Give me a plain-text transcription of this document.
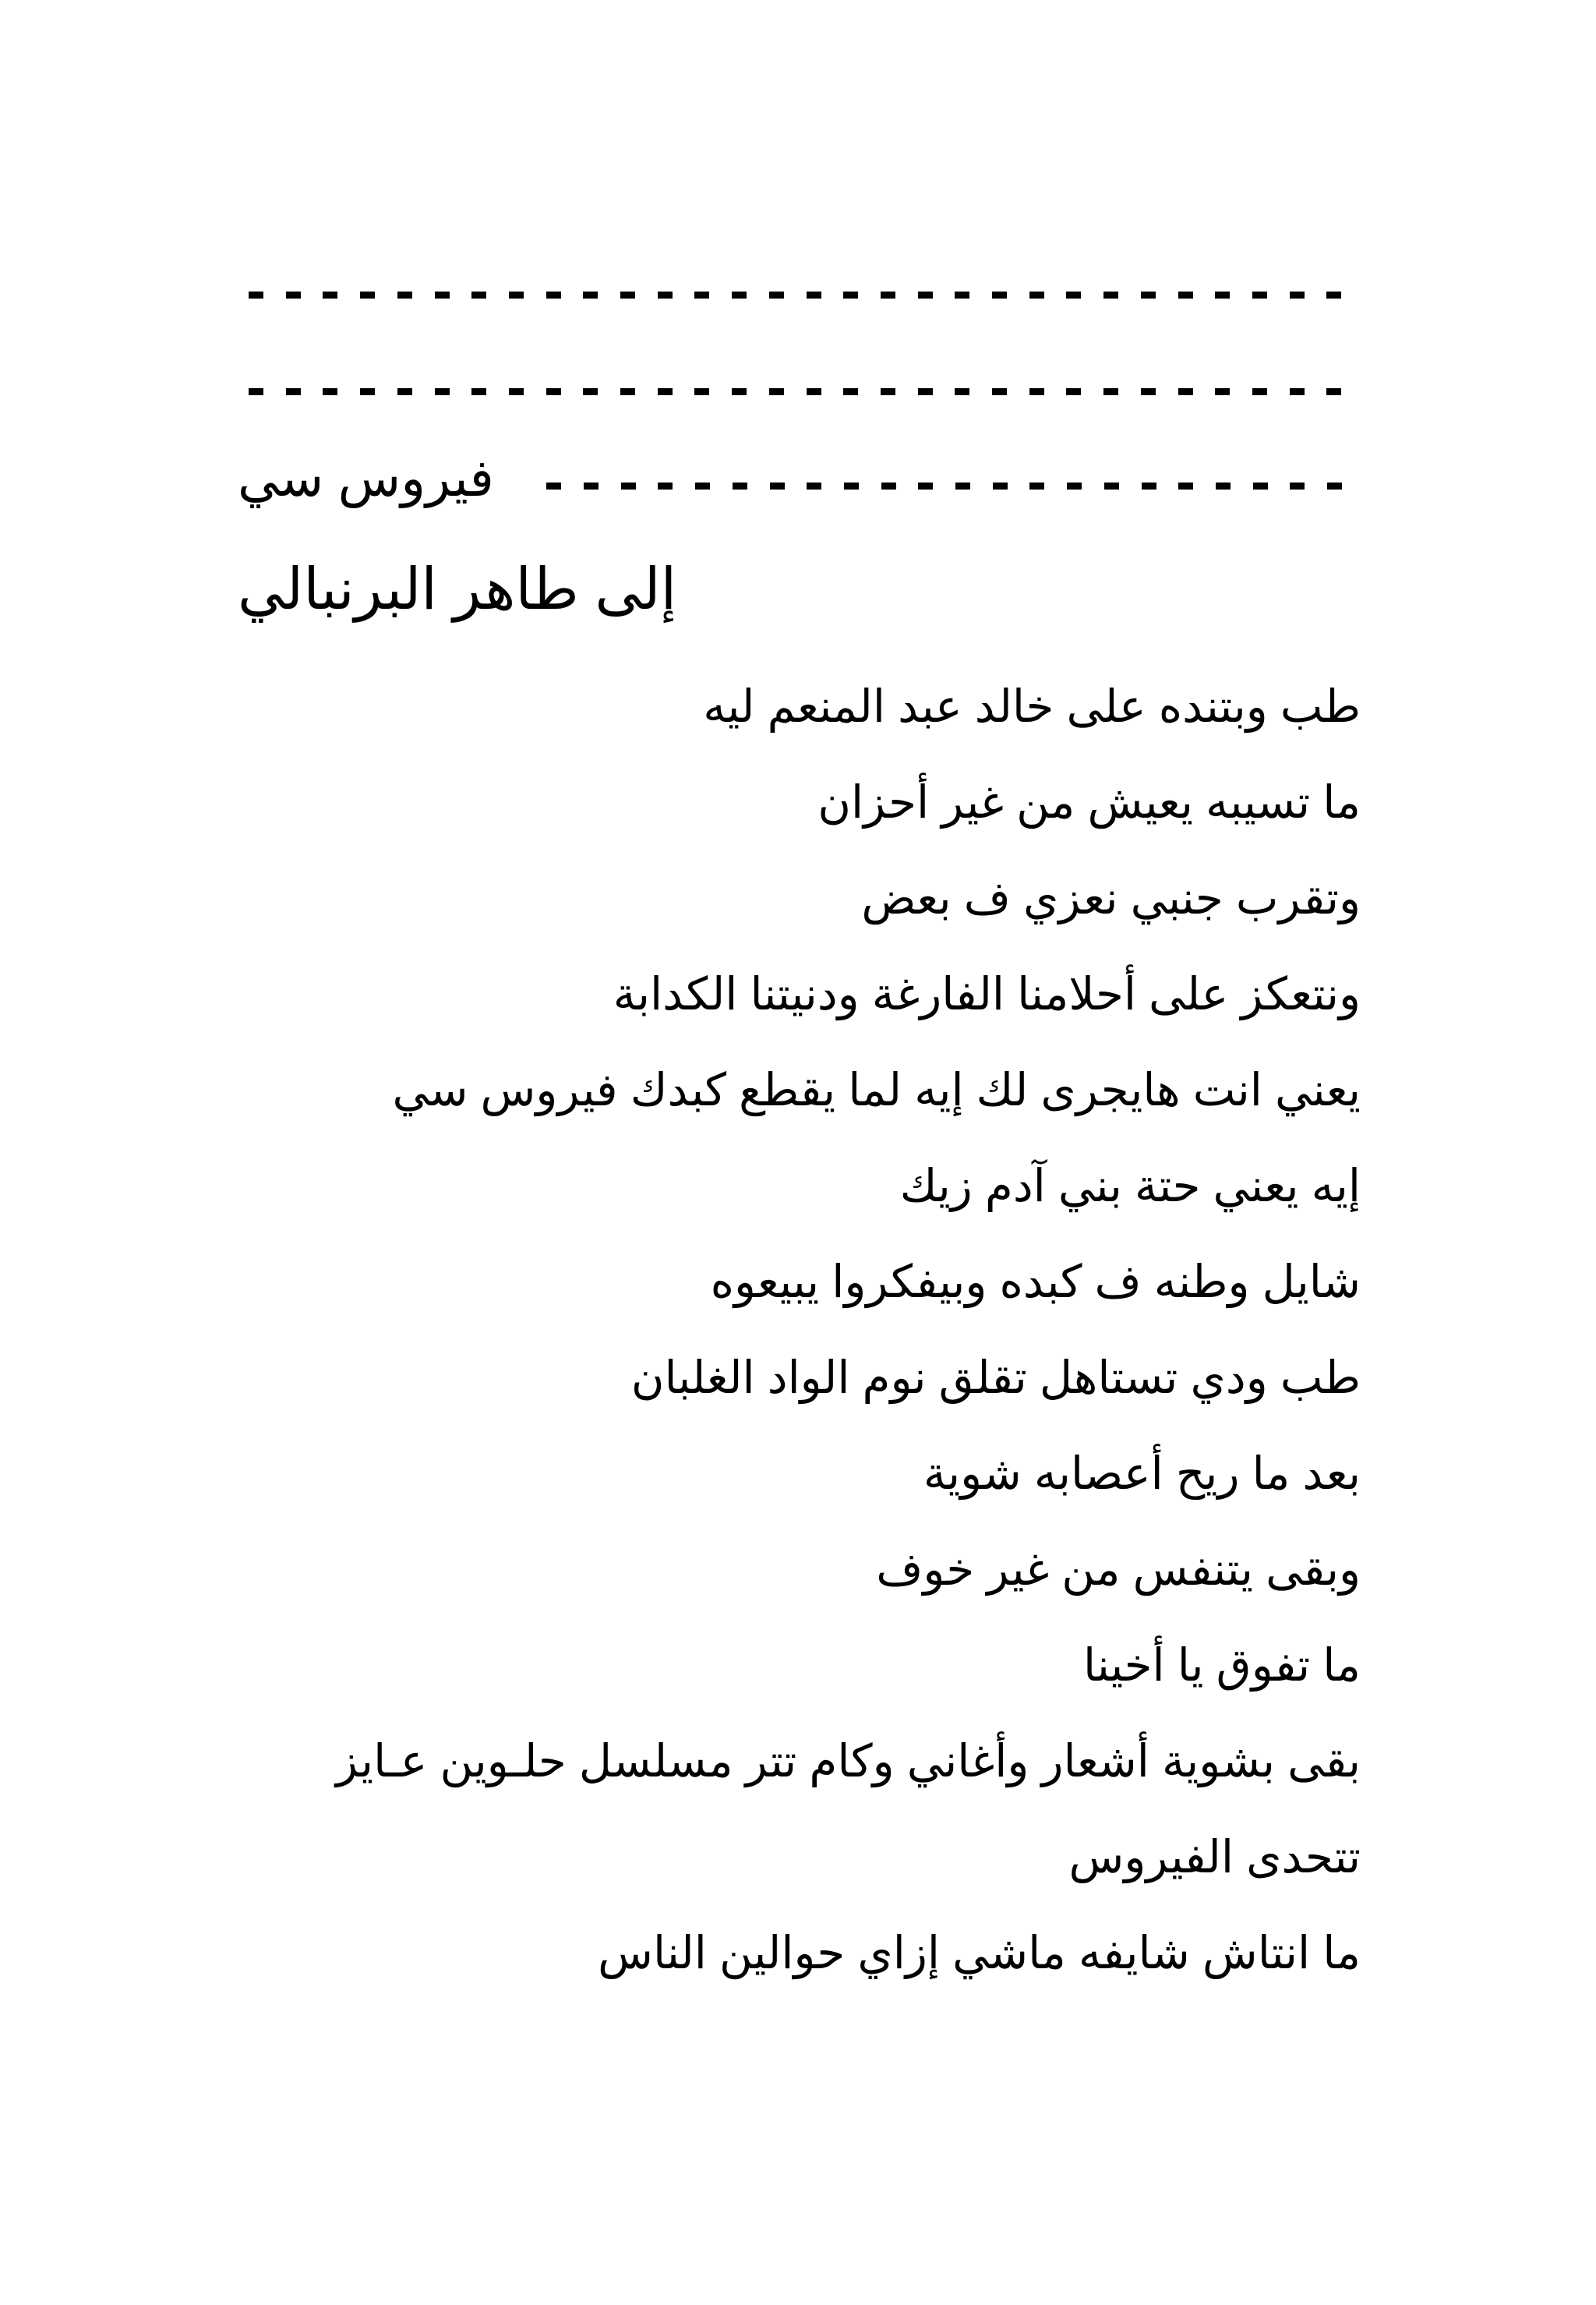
فيروس سي
إلى طاهر البرنبالي
طب وبتنده على خالد عبد المنعم ليه
ما تسيبه يعيش من غير أحزان
وتقرب جنبي نعزي ف بعض
ونتعكز على أحلامنا الفارغة ودنيتنا الكدابة
يعني انت هايجرى لك إيه لما يقطع كبدك فيروس سي
إيه يعني حتة بني آدم زيك
شايل وطنه ف كبده وبيفكروا يبيعوه
طب ودي تستاهل تقلق نوم الواد الغلبان
بعد ما ريح أعصابه شوية
وبقى يتنفس من غير خوف
ما تفوق يا أخينا
بقى بشوية أشعار وأغاني وكام تتر مسلسل حلـوين عـايز
تتحدى الفيروس
ما انتاش شايفه ماشي إزاي حوالين الناس
